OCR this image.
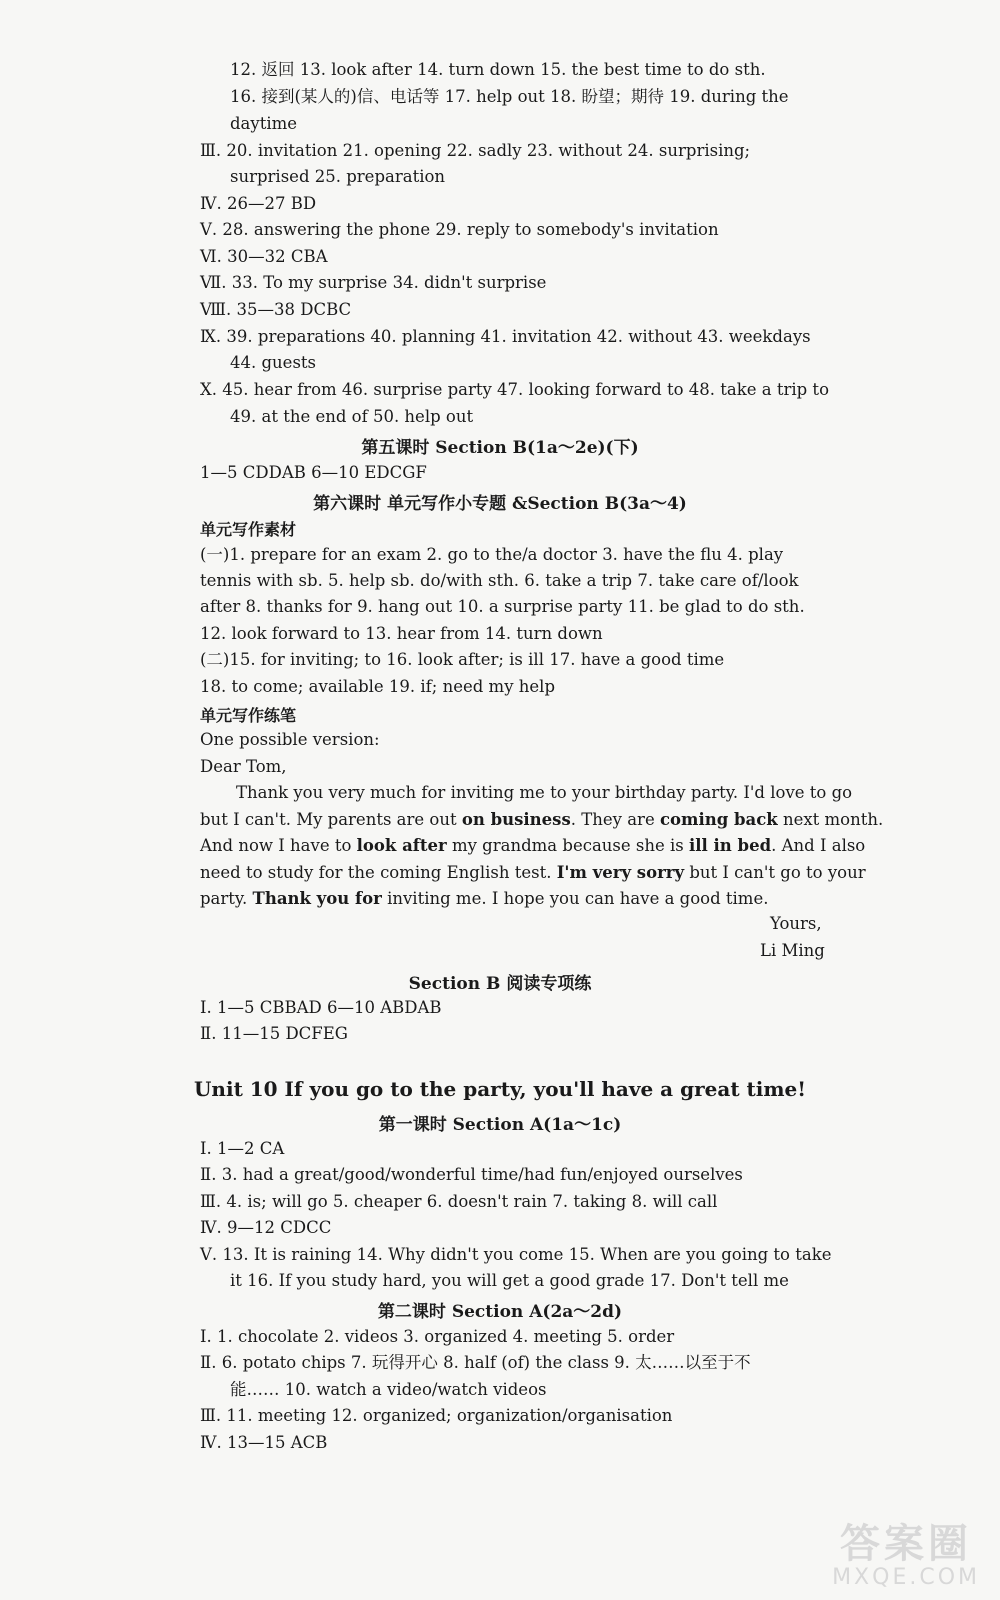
12. 返回 13. look after 14. turn down 15. the best time to do sth.
16. 接到(某人的)信、电话等 17. help out 18. 盼望；期待 19. during the
daytime
Ⅲ. 20. invitation 21. opening 22. sadly 23. without 24. surprising;
surprised 25. preparation
Ⅳ. 26—27 BD
Ⅴ. 28. answering the phone 29. reply to somebody's invitation
Ⅵ. 30—32 CBA
Ⅶ. 33. To my surprise 34. didn't surprise
Ⅷ. 35—38 DCBC
Ⅸ. 39. preparations 40. planning 41. invitation 42. without 43. weekdays
44. guests
Ⅹ. 45. hear from 46. surprise party 47. looking forward to 48. take a trip to
49. at the end of 50. help out
第五课时 Section B(1a～2e)(下)
1—5 CDDAB 6—10 EDCGF
第六课时 单元写作小专题 &Section B(3a～4)
单元写作素材
(一)1. prepare for an exam 2. go to the/a doctor 3. have the flu 4. play
tennis with sb. 5. help sb. do/with sth. 6. take a trip 7. take care of/look
after 8. thanks for 9. hang out 10. a surprise party 11. be glad to do sth.
12. look forward to 13. hear from 14. turn down
(二)15. for inviting; to 16. look after; is ill 17. have a good time
18. to come; available 19. if; need my help
单元写作练笔
One possible version:
Dear Tom,
Thank you very much for inviting me to your birthday party. I'd love to go
but I can't. My parents are out on business. They are coming back next month.
And now I have to look after my grandma because she is ill in bed. And I also
need to study for the coming English test. I'm very sorry but I can't go to your
party. Thank you for inviting me. I hope you can have a good time.
Yours,
Li Ming
Section B 阅读专项练
Ⅰ. 1—5 CBBAD 6—10 ABDAB
Ⅱ. 11—15 DCFEG
Unit 10 If you go to the party, you'll have a great time!
第一课时 Section A(1a～1c)
Ⅰ. 1—2 CA
Ⅱ. 3. had a great/good/wonderful time/had fun/enjoyed ourselves
Ⅲ. 4. is; will go 5. cheaper 6. doesn't rain 7. taking 8. will call
Ⅳ. 9—12 CDCC
Ⅴ. 13. It is raining 14. Why didn't you come 15. When are you going to take
it 16. If you study hard, you will get a good grade 17. Don't tell me
第二课时 Section A(2a～2d)
Ⅰ. 1. chocolate 2. videos 3. organized 4. meeting 5. order
Ⅱ. 6. potato chips 7. 玩得开心 8. half (of) the class 9. 太……以至于不
能…… 10. watch a video/watch videos
Ⅲ. 11. meeting 12. organized; organization/organisation
Ⅳ. 13—15 ACB
答案圈
MXQE.COM
